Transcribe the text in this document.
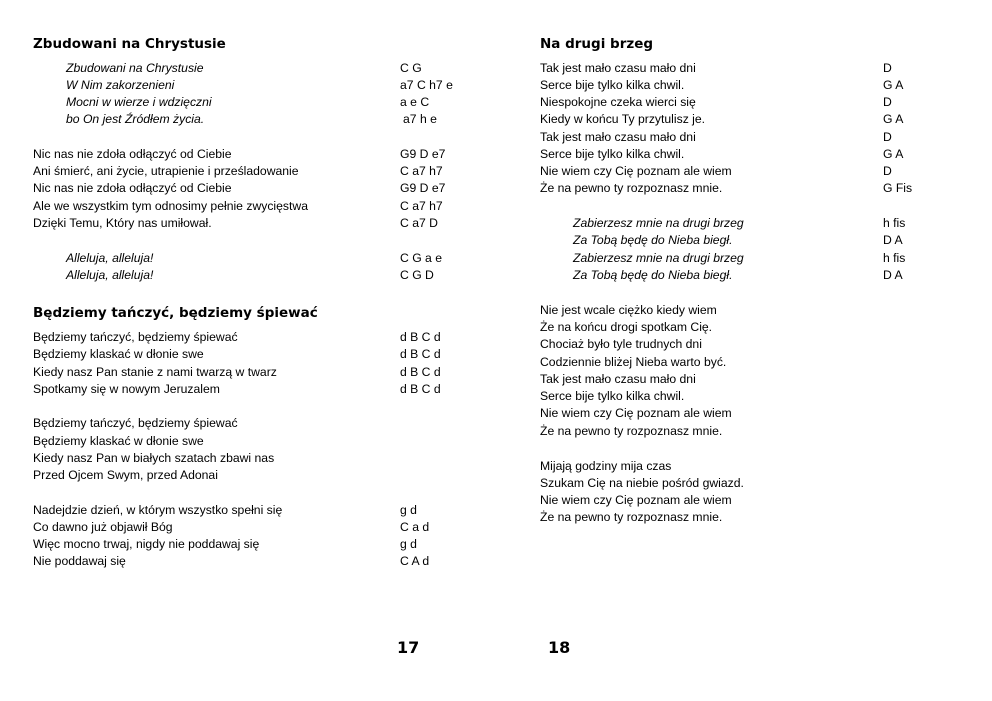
Zbudowani na Chrystusie
Zbudowani na Chrystusie	C G
W Nim zakorzenieni	a7 C h7 e
Mocni w wierze i wdzięczni	a e C
bo On jest Źródłem życia.	a7 h e
Nic nas nie zdoła odłączyć od Ciebie	G9 D e7
Ani śmierć, ani życie, utrapienie i prześladowanie	C a7 h7
Nic nas nie zdoła odłączyć od Ciebie	G9 D e7
Ale we wszystkim tym odnosimy pełnie zwycięstwa	C a7 h7
Dzięki Temu, Który nas umiłował.	C a7 D
Alleluja, alleluja!	C G a e
Alleluja, alleluja!	C G D
Będziemy tańczyć, będziemy śpiewać
Będziemy tańczyć, będziemy śpiewać	d B C d
Będziemy klaskać w dłonie swe	d B C d
Kiedy nasz Pan stanie z nami twarzą w twarz	d B C d
Spotkamy się w nowym Jeruzalem	d B C d
Będziemy tańczyć, będziemy śpiewać
Będziemy klaskać w dłonie swe
Kiedy nasz Pan w białych szatach zbawi nas
Przed Ojcem Swym, przed Adonai
Nadejdzie dzień, w którym wszystko spełni się	g d
Co dawno już objawił Bóg	C a d
Więc mocno trwaj, nigdy nie poddawaj się	g d
Nie poddawaj się	C A d
17
Na drugi brzeg
Tak jest mało czasu mało dni	D
Serce bije tylko kilka chwil.	G A
Niespokojne czeka wierci się	D
Kiedy w końcu Ty przytulisz je.	G A
Tak jest mało czasu mało dni	D
Serce bije tylko kilka chwil.	G A
Nie wiem czy Cię poznam ale wiem	D
Że na pewno ty rozpoznasz mnie.	G Fis
Zabierzesz mnie na drugi brzeg	h fis
Za Tobą będę do Nieba biegł.	D A
Zabierzesz mnie na drugi brzeg	h fis
Za Tobą będę do Nieba biegł.	D A
Nie jest wcale ciężko kiedy wiem
Że na końcu drogi spotkam Cię.
Chociaż było tyle trudnych dni
Codziennie bliżej Nieba warto być.
Tak jest mało czasu mało dni
Serce bije tylko kilka chwil.
Nie wiem czy Cię poznam ale wiem
Że na pewno ty rozpoznasz mnie.
Mijają godziny mija czas
Szukam Cię na niebie pośród gwiazd.
Nie wiem czy Cię poznam ale wiem
Że na pewno ty rozpoznasz mnie.
18
